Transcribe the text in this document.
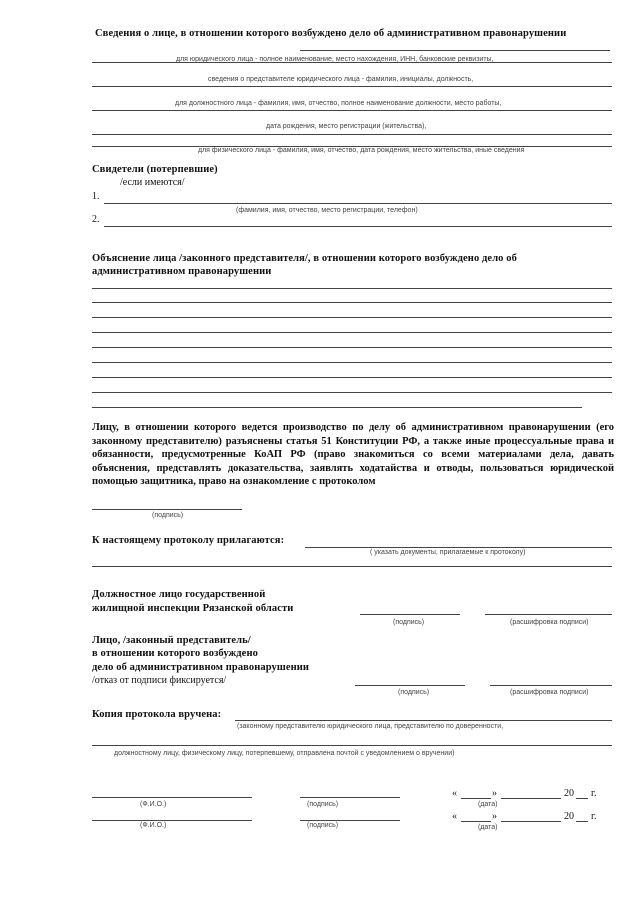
Сведения о лице, в отношении которого возбуждено дело об административном правонарушении
для юридического лица - полное наименование, место нахождения, ИНН, банковские реквизиты,
сведения о представителе юридического лица - фамилия, инициалы, должность,
для должностного лица - фамилия, имя, отчество, полное наименование должности, место работы,
дата рождения, место регистрации (жительства),
для физического лица - фамилия, имя, отчество, дата рождения, место жительства, иные сведения
Свидетели (потерпевшие)
/если имеются/
1.
(фамилия, имя, отчество, место регистрации, телефон)
2.
Объяснение лица /законного представителя/, в отношении которого возбуждено дело об
административном правонарушении
Лицу, в отношении которого ведется производство по делу об административном правонарушении (его законному представителю) разъяснены статья 51 Конституции РФ, а также иные процессуальные права и обязанности, предусмотренные КоАП РФ (право знакомиться со всеми материалами дела, давать объяснения, представлять доказательства, заявлять ходатайства и отводы, пользоваться юридической помощью защитника, право на ознакомление с протоколом
(подпись)
К настоящему протоколу прилагаются:
( указать документы, прилагаемые к протоколу)
Должностное лицо государственной
жилищной инспекции Рязанской области
(подпись)	(расшифровка подписи)
Лицо, /законный представитель/
в отношении которого возбуждено
дело об административном правонарушении
/отказ от подписи фиксируется/
(подпись)	(расшифровка подписи)
Копия протокола вручена:
(законному представителю юридического лица, представителю по доверенности,
должностному лицу, физическому лицу, потерпевшему, отправлена почтой с уведомлением о вручении)
(Ф.И.О.)	(подпись)
«	»	20 г.
(дата)
(Ф.И.О.)	(подпись)
«	»	20 г.
(дата)
